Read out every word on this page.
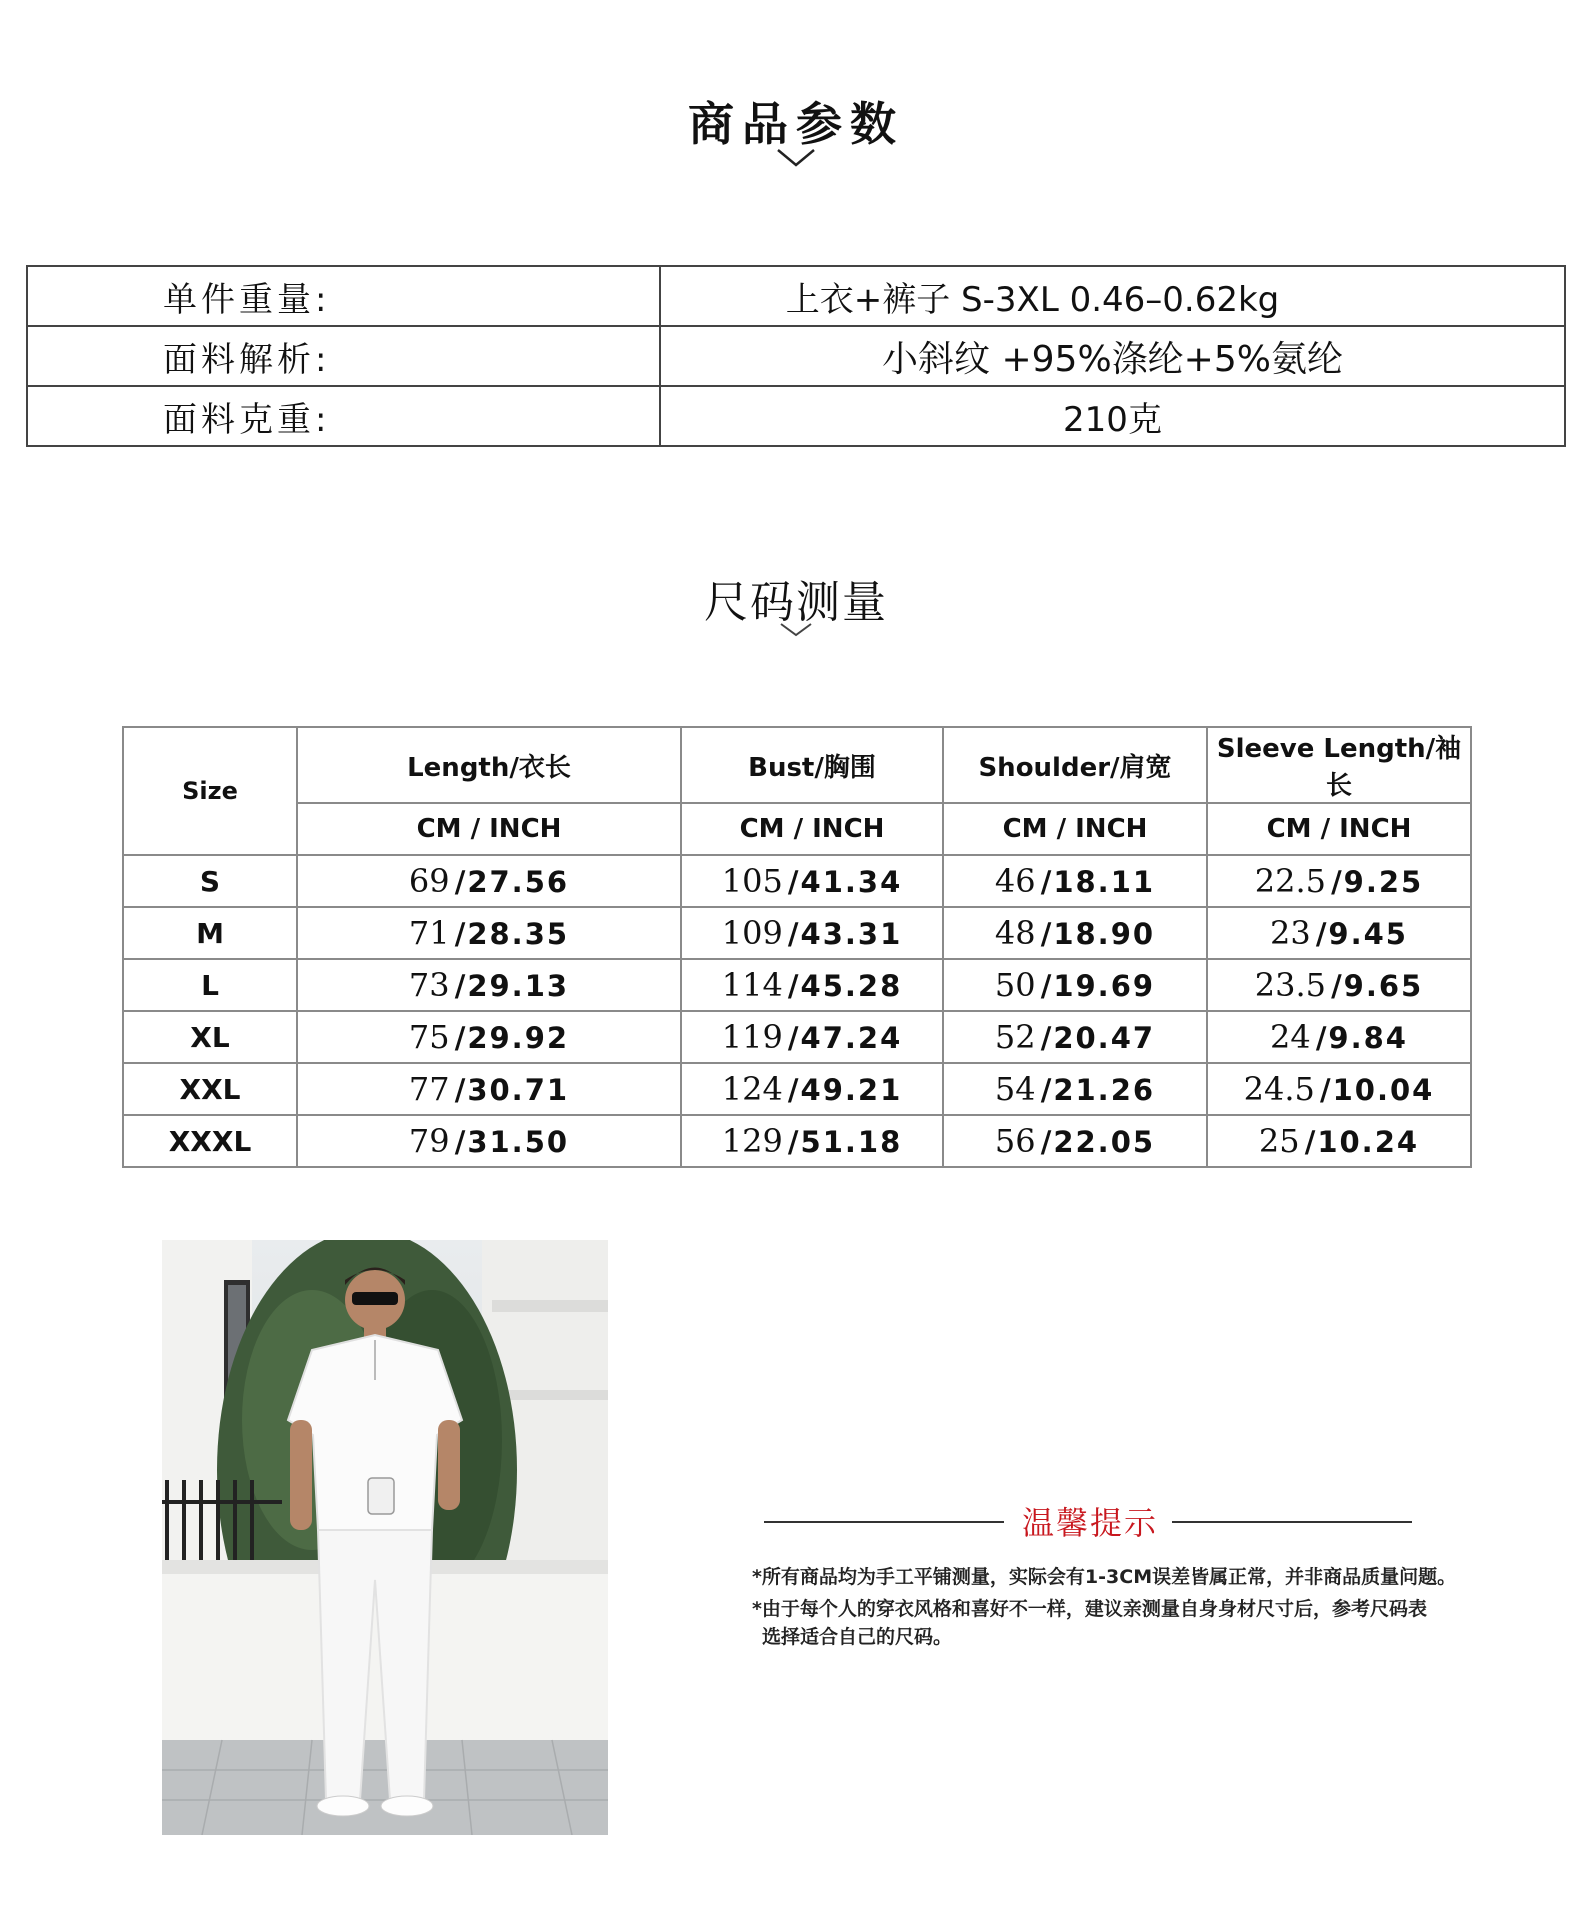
商品参数
单件重量:	上衣+裤子 S-3XL 0.46–0.62kg
面料解析:	小斜纹 +95%涤纶+5%氨纶
面料克重:	210克
尺码测量
Size	Length/衣长	Bust/胸围	Shoulder/肩宽	Sleeve Length/袖长
	CM / INCH	CM / INCH	CM / INCH	CM / INCH
S	69 /27.56	105 /41.34	46 /18.11	22.5 /9.25
M	71 /28.35	109 /43.31	48 /18.90	23 /9.45
L	73 /29.13	114 /45.28	50 /19.69	23.5 /9.65
XL	75 /29.92	119 /47.24	52 /20.47	24 /9.84
XXL	77 /30.71	124 /49.21	54 /21.26	24.5 /10.04
XXXL	79 /31.50	129 /51.18	56 /22.05	25 /10.24
温馨提示
*所有商品均为手工平铺测量，实际会有1-3CM误差皆属正常，并非商品质量问题。
*由于每个人的穿衣风格和喜好不一样，建议亲测量自身身材尺寸后，参考尺码表
选择适合自己的尺码。
